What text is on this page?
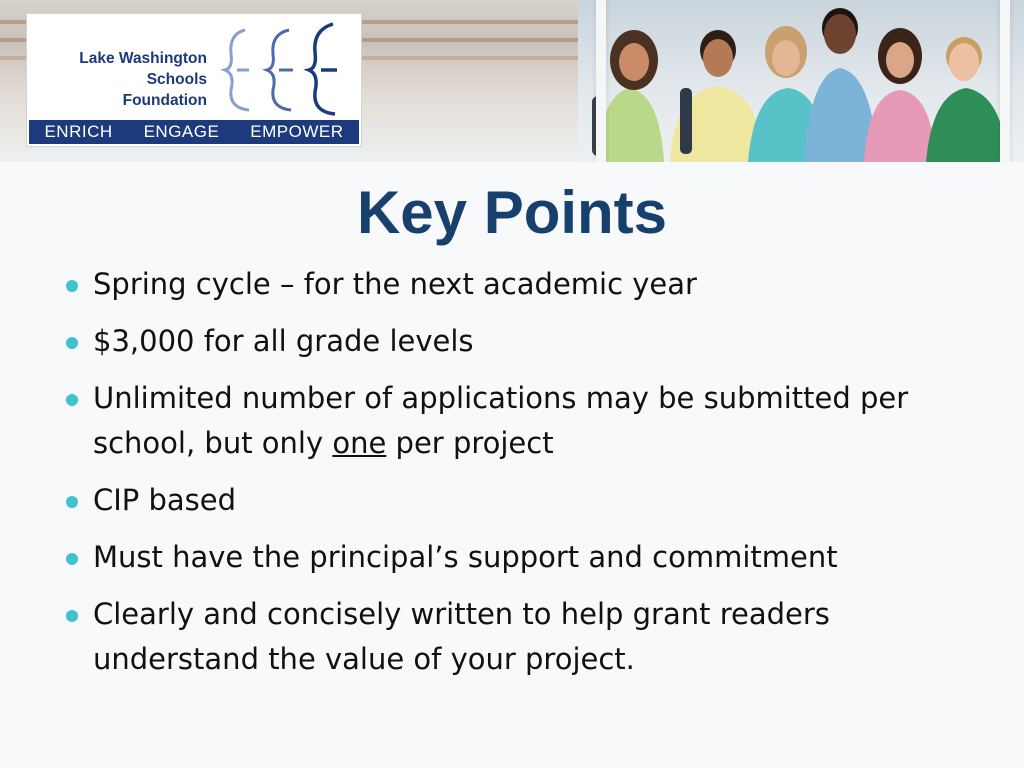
Lake Washington
Schools
Foundation
ENRICH ENGAGE EMPOWER
Key Points
Spring cycle – for the next academic year
$3,000 for all grade levels
Unlimited number of applications may be submitted per school, but only one per project
CIP based
Must have the principal’s support and commitment
Clearly and concisely written to help grant readers understand the value of your project.
